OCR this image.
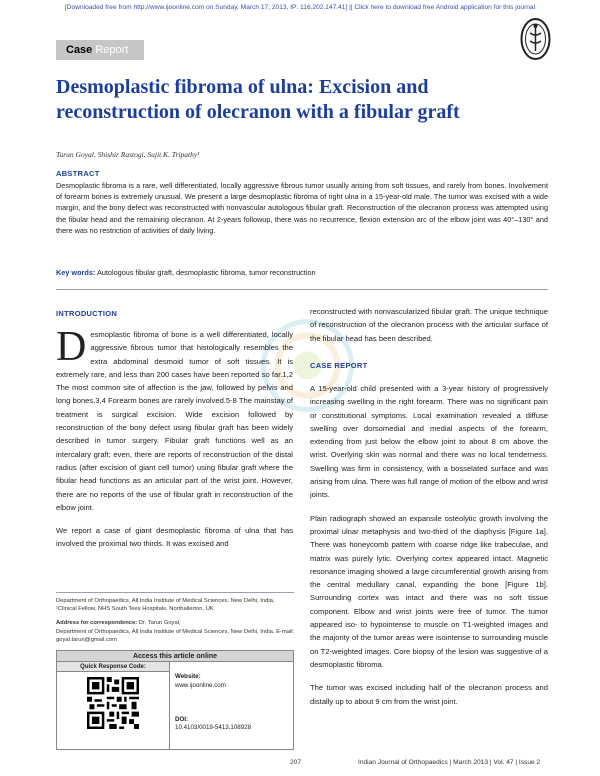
[Downloaded free from http://www.ijoonline.com on Sunday, March 17, 2013, IP: 116.202.147.41] || Click here to download free Android application for this journal
Case Report
Desmoplastic fibroma of ulna: Excision and reconstruction of olecranon with a fibular graft
Tarun Goyal, Shishir Rastogi, Sujit K. Tripathy¹
ABSTRACT
Desmoplastic fibroma is a rare, well differentiated, locally aggressive fibrous tumor usually arising from soft tissues, and rarely from bones. Involvement of forearm bones is extremely unusual. We present a large desmoplastic fibroma of right ulna in a 15-year-old male. The tumor was excised with a wide margin, and the bony defect was reconstructed with nonvascular autologous fibular graft. Reconstruction of the olecranon process was attempted using the fibular head and the remaining olecranon. At 2-years followup, there was no recurrence, flexion extension arc of the elbow joint was 40°–130° and there was no restriction of activities of daily living.
Key words: Autologous fibular graft, desmoplastic fibroma, tumor reconstruction
INTRODUCTION

Desmoplastic fibroma of bone is a well differentiated, locally aggressive fibrous tumor that histologically resembles the extra abdominal desmoid tumor of soft tissues. It is extremely rare, and less than 200 cases have been reported so far.1,2 The most common site of affection is the jaw, followed by pelvis and long bones.3,4 Forearm bones are rarely involved.5-8 The mainstay of treatment is surgical excision. Wide excision followed by reconstruction of the bony defect using fibular graft has been widely described in tumor surgery. Fibular graft functions well as an intercalary graft; even, there are reports of reconstruction of the distal radius (after excision of giant cell tumor) using fibular graft where the fibular head functions as an articular part of the wrist joint. However, there are no reports of the use of fibular graft in reconstruction of the elbow joint.

We report a case of giant desmoplastic fibroma of ulna that has involved the proximal two thirds. It was excised and

Department of Orthopaedics, All India Institute of Medical Sciences, New Delhi, India, ¹Clinical Fellow, NHS South Tees Hospitals, Northallerton, UK
Address for correspondence: Dr. Tarun Goyal,
Department of Orthopaedics, All India Institute of Medical Sciences, New Delhi, India. E-mail: goyal.tarun@gmail.com
Access this article online
Quick Response Code:
Website:
www.ijoonline.com

DOI:
10.4103/0019-5413.108928

reconstructed with nonvascularized fibular graft. The unique technique of reconstruction of the olecranon process with the articular surface of the fibular head has been described.

CASE REPORT

A 15-year-old child presented with a 3-year history of progressively increasing swelling in the right forearm. There was no significant pain or constitutional symptoms. Local examination revealed a diffuse swelling over dorsomedial and medial aspects of the forearm, extending from just below the elbow joint to about 8 cm above the wrist. Overlying skin was normal and there was no local tenderness. Swelling was firm in consistency, with a bosselated surface and was arising from ulna. There was full range of motion of the elbow and wrist joints.

Plain radiograph showed an expansile osteolytic growth involving the proximal ulnar metaphysis and two-third of the diaphysis [Figure 1a]. There was honeycomb pattern with coarse ridge like trabeculae, and matrix was purely lytic. Overlying cortex appeared intact. Magnetic resonance imaging showed a large circumferential growth arising from the central medullary canal, expanding the bone [Figure 1b]. Surrounding cortex was intact and there was no soft tissue component. Elbow and wrist joints were free of tumor. The tumor appeared iso- to hypointense to muscle on T1-weighted images and the majority of the tumor areas were isointense to surrounding muscle on T2-weighted images. Core biopsy of the lesion was suggestive of a desmoplastic fibroma.

The tumor was excised including half of the olecranon process and distally up to about 9 cm from the wrist joint.

207	Indian Journal of Orthopaedics | March 2013 | Vol. 47 | Issue 2
